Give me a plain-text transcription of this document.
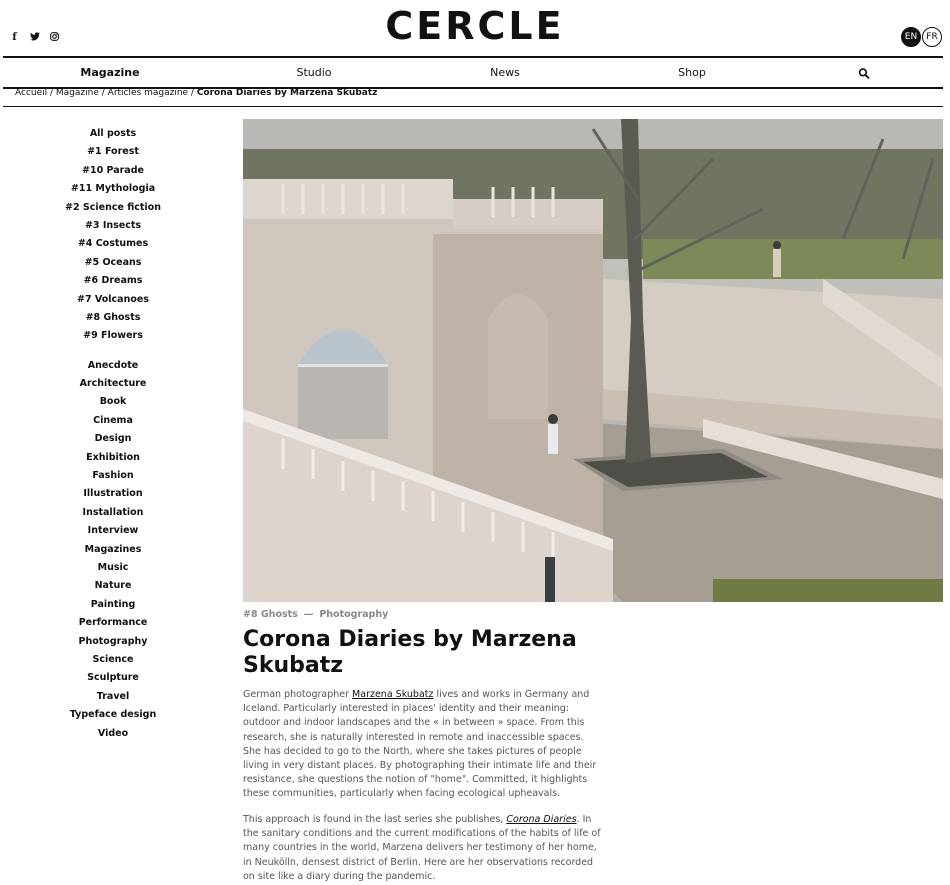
f	CERCLE	EN	FR
Magazine	Studio	News	Shop
Accueil / Magazine / Articles magazine / Corona Diaries by Marzena Skubatz
All posts
#1 Forest
#10 Parade
#11 Mythologia
#2 Science fiction
#3 Insects
#4 Costumes
#5 Oceans
#6 Dreams
#7 Volcanoes
#8 Ghosts
#9 Flowers
Anecdote
Architecture
Book
Cinema
Design
Exhibition
Fashion
Illustration
Installation
Interview
Magazines
Music
Nature
Painting
Performance
Photography
Science
Sculpture
Travel
Typeface design
Video
#8 Ghosts — Photography
Corona Diaries by Marzena Skubatz

German photographer Marzena Skubatz lives and works in Germany and Iceland. Particularly interested in places' identity and their meaning: outdoor and indoor landscapes and the « in between » space. From this research, she is naturally interested in remote and inaccessible spaces. She has decided to go to the North, where she takes pictures of people living in very distant places. By photographing their intimate life and their resistance, she questions the notion of "home". Committed, it highlights these communities, particularly when facing ecological upheavals.

This approach is found in the last series she publishes, Corona Diaries. In the sanitary conditions and the current modifications of the habits of life of many countries in the world, Marzena delivers her testimony of her home, in Neukölln, densest district of Berlin. Here are her observations recorded on site like a diary during the pandemic.
